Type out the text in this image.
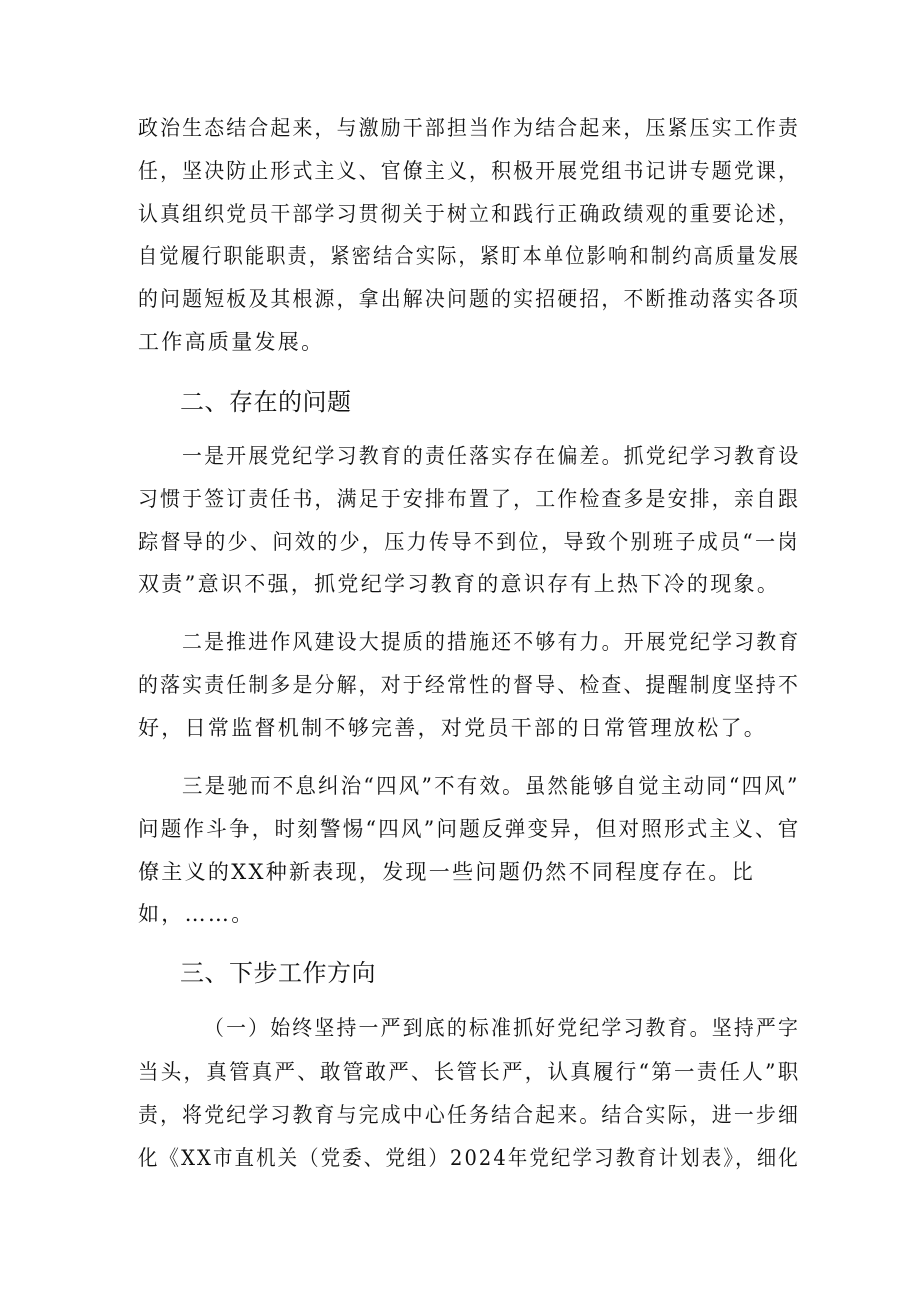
政治生态结合起来，与激励干部担当作为结合起来，压紧压实工作责
任，坚决防止形式主义、官僚主义，积极开展党组书记讲专题党课，
认真组织党员干部学习贯彻关于树立和践行正确政绩观的重要论述，
自觉履行职能职责，紧密结合实际，紧盯本单位影响和制约高质量发展
的问题短板及其根源，拿出解决问题的实招硬招，不断推动落实各项
工作高质量发展。
二、存在的问题
一是开展党纪学习教育的责任落实存在偏差。抓党纪学习教育设
习惯于签订责任书，满足于安排布置了，工作检查多是安排，亲自跟
踪督导的少、问效的少，压力传导不到位，导致个别班子成员“一岗
双责”意识不强，抓党纪学习教育的意识存有上热下冷的现象。
二是推进作风建设大提质的措施还不够有力。开展党纪学习教育
的落实责任制多是分解，对于经常性的督导、检查、提醒制度坚持不
好，日常监督机制不够完善，对党员干部的日常管理放松了。
三是驰而不息纠治“四风”不有效。虽然能够自觉主动同“四风”
问题作斗争，时刻警惕“四风”问题反弹变异，但对照形式主义、官
僚主义的XX种新表现，发现一些问题仍然不同程度存在。比
如，……。
三、下步工作方向
（一）始终坚持一严到底的标准抓好党纪学习教育。坚持严字
当头，真管真严、敢管敢严、长管长严，认真履行“第一责任人”职
责，将党纪学习教育与完成中心任务结合起来。结合实际，进一步细
化《XX市直机关（党委、党组）2024年党纪学习教育计划表》，细化
